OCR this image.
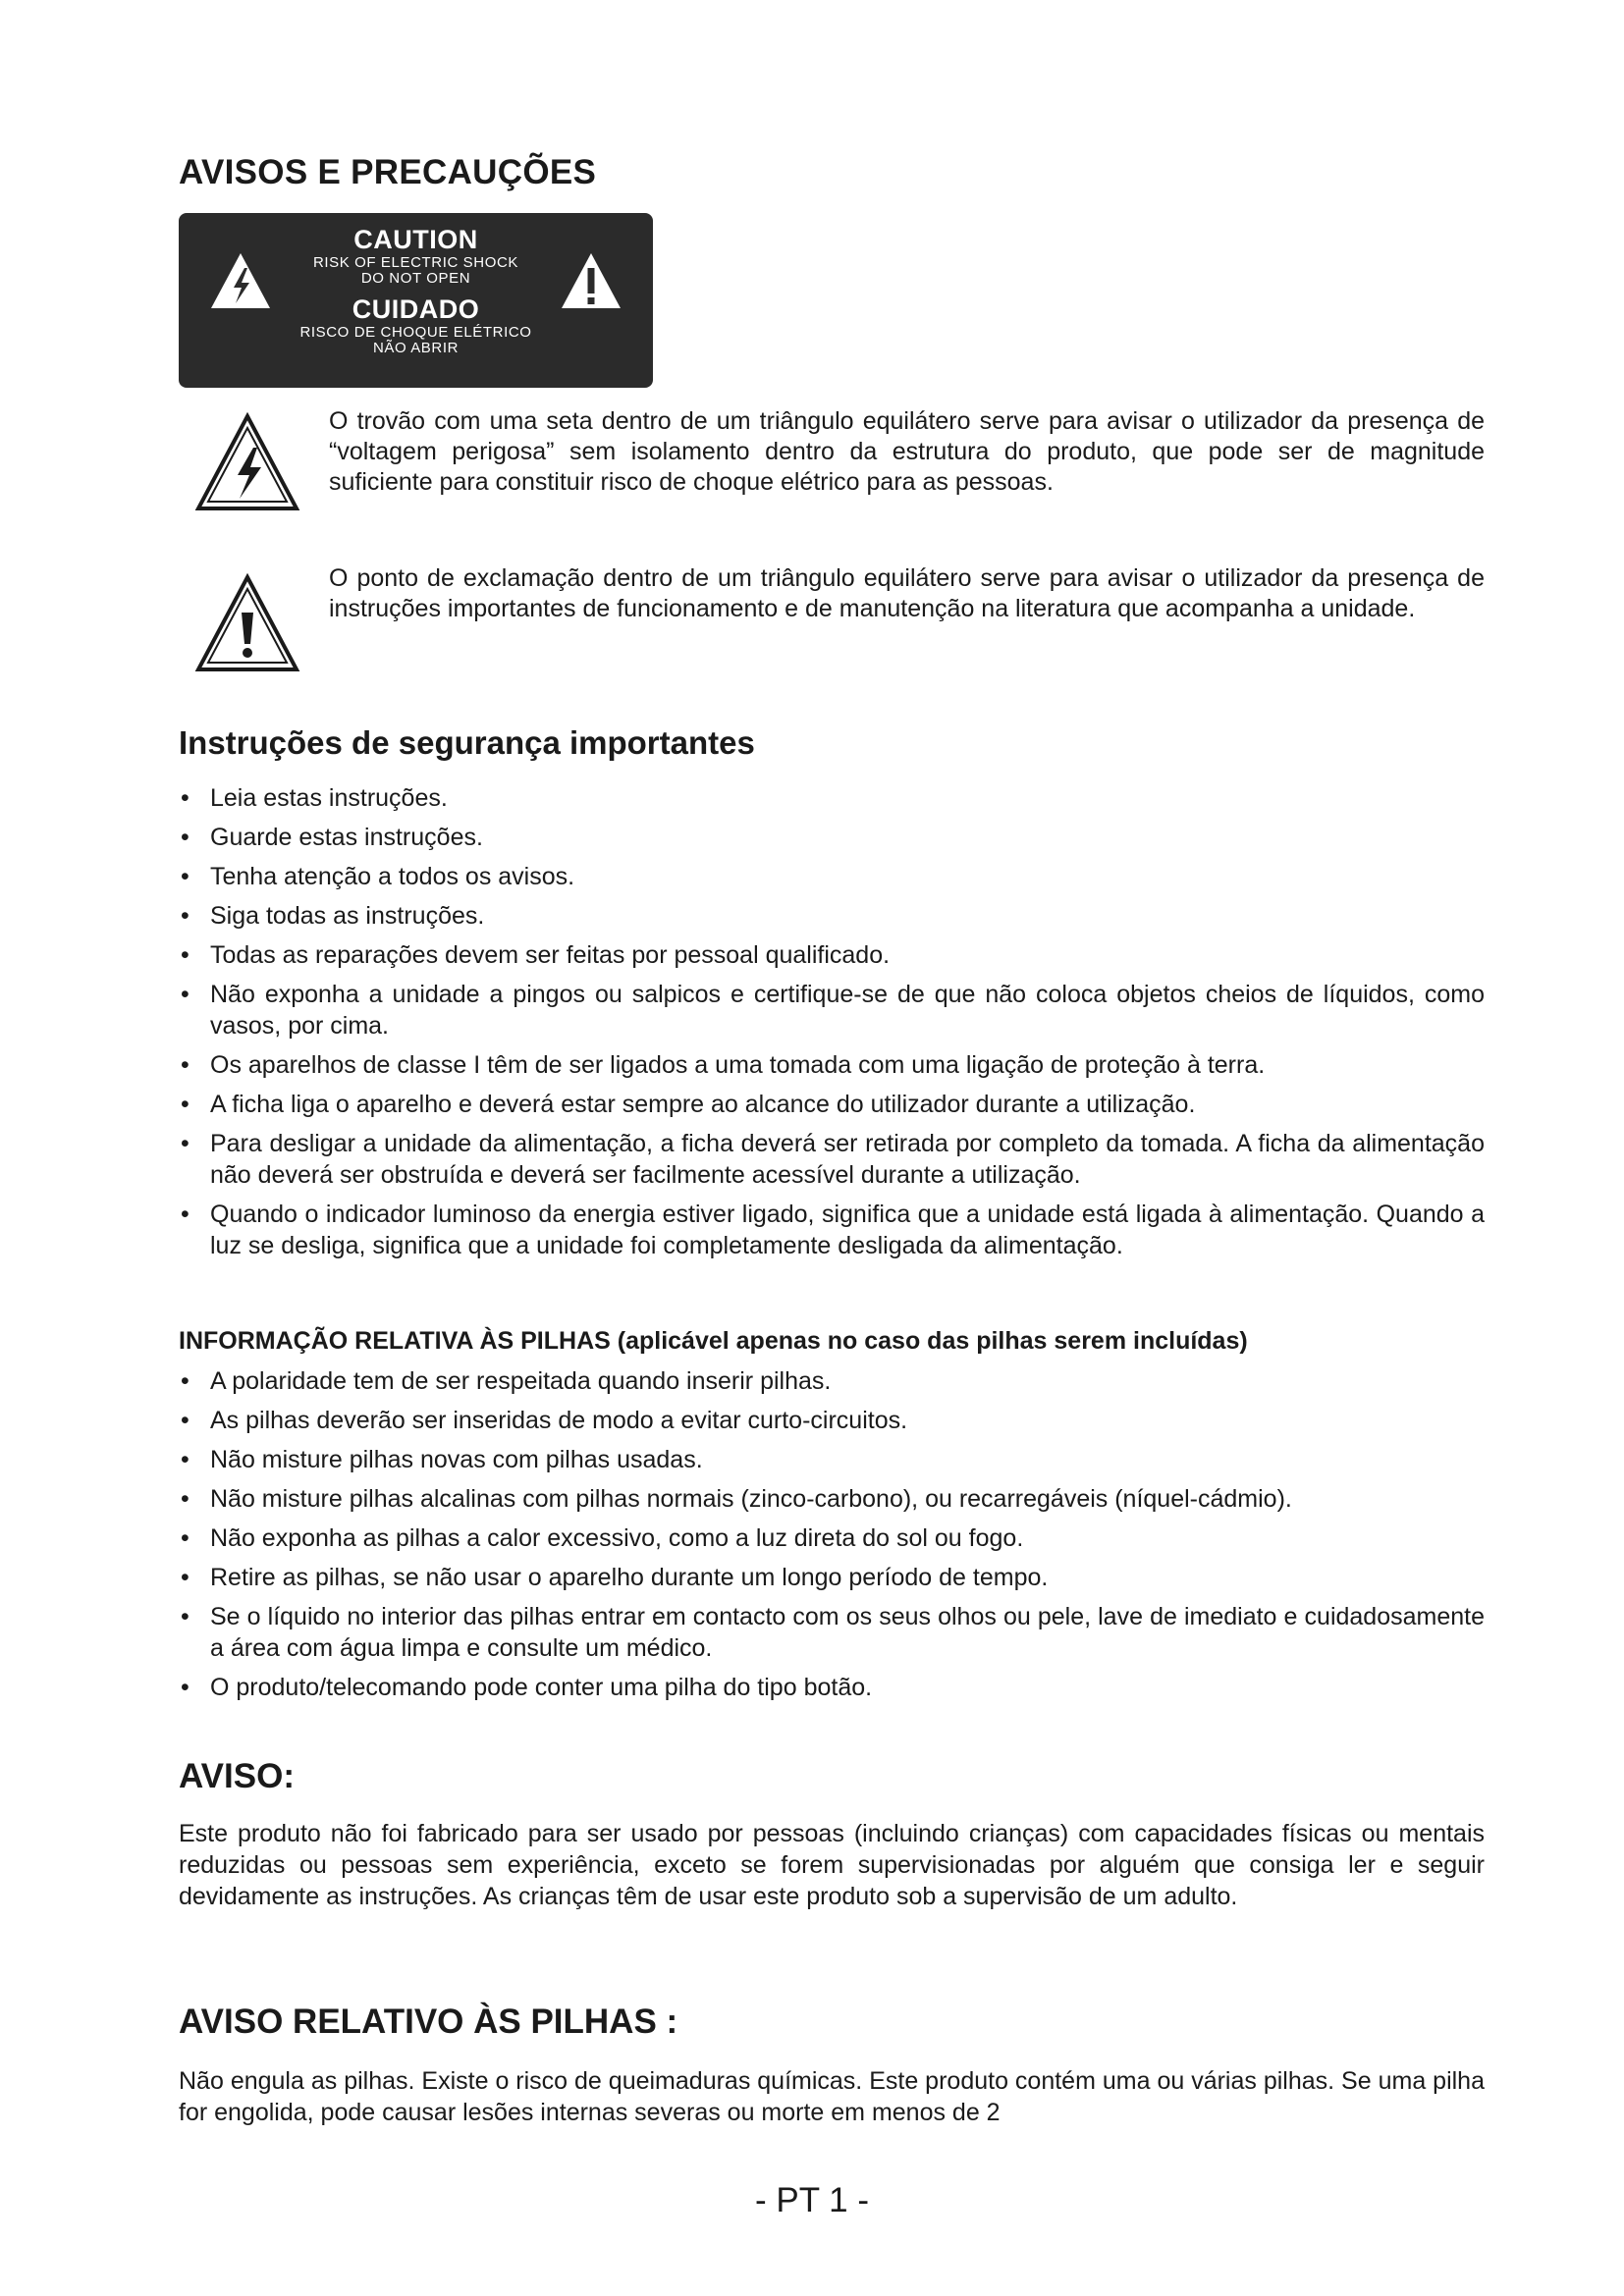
AVISOS E PRECAUÇÕES
CAUTION
RISK OF ELECTRIC SHOCK
DO NOT OPEN
CUIDADO
RISCO DE CHOQUE ELÉTRICO
NÃO ABRIR

O trovão com uma seta dentro de um triângulo equilátero serve para avisar o utilizador da presença de “voltagem perigosa” sem isolamento dentro da estrutura do produto, que pode ser de magnitude suficiente para constituir risco de choque elétrico para as pessoas.

O ponto de exclamação dentro de um triângulo equilátero serve para avisar o utilizador da presença de instruções importantes de funcionamento e de manutenção na literatura que acompanha a unidade.

Instruções de segurança importantes
• Leia estas instruções.
• Guarde estas instruções.
• Tenha atenção a todos os avisos.
• Siga todas as instruções.
• Todas as reparações devem ser feitas por pessoal qualificado.
• Não exponha a unidade a pingos ou salpicos e certifique-se de que não coloca objetos cheios de líquidos, como vasos, por cima.
• Os aparelhos de classe I têm de ser ligados a uma tomada com uma ligação de proteção à terra.
• A ficha liga o aparelho e deverá estar sempre ao alcance do utilizador durante a utilização.
• Para desligar a unidade da alimentação, a ficha deverá ser retirada por completo da tomada. A ficha da alimentação não deverá ser obstruída e deverá ser facilmente acessível durante a utilização.
• Quando o indicador luminoso da energia estiver ligado, significa que a unidade está ligada à alimentação. Quando a luz se desliga, significa que a unidade foi completamente desligada da alimentação.
INFORMAÇÃO RELATIVA ÀS PILHAS (aplicável apenas no caso das pilhas serem incluídas)
• A polaridade tem de ser respeitada quando inserir pilhas.
• As pilhas deverão ser inseridas de modo a evitar curto-circuitos.
• Não misture pilhas novas com pilhas usadas.
• Não misture pilhas alcalinas com pilhas normais (zinco-carbono), ou recarregáveis (níquel-cádmio).
• Não exponha as pilhas a calor excessivo, como a luz direta do sol ou fogo.
• Retire as pilhas, se não usar o aparelho durante um longo período de tempo.
• Se o líquido no interior das pilhas entrar em contacto com os seus olhos ou pele, lave de imediato e cuidadosamente a área com água limpa e consulte um médico.
• O produto/telecomando pode conter uma pilha do tipo botão.
AVISO:

Este produto não foi fabricado para ser usado por pessoas (incluindo crianças) com capacidades físicas ou mentais reduzidas ou pessoas sem experiência, exceto se forem supervisionadas por alguém que consiga ler e seguir devidamente as instruções. As crianças têm de usar este produto sob a supervisão de um adulto.

AVISO RELATIVO ÀS PILHAS :

Não engula as pilhas. Existe o risco de queimaduras químicas. Este produto contém uma ou várias pilhas. Se uma pilha for engolida, pode causar lesões internas severas ou morte em menos de 2

- PT 1 -
